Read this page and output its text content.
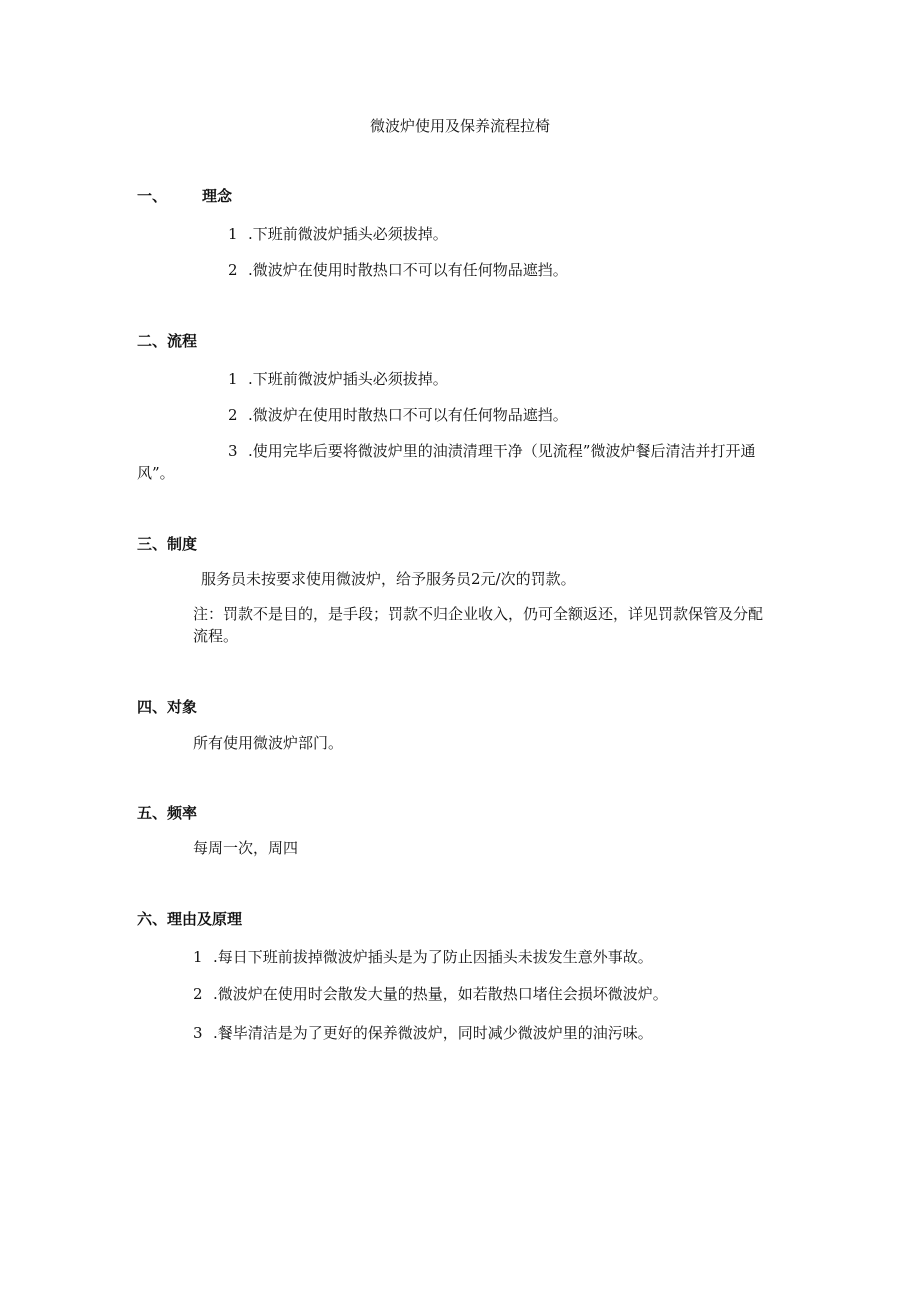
微波炉使用及保养流程拉椅
一、 理念
1 .下班前微波炉插头必须拔掉。
2 .微波炉在使用时散热口不可以有任何物品遮挡。
二、流程
1 .下班前微波炉插头必须拔掉。
2 .微波炉在使用时散热口不可以有任何物品遮挡。
3 .使用完毕后要将微波炉里的油渍清理干净（见流程”微波炉餐后清洁并打开通
风”。
三、制度
服务员未按要求使用微波炉，给予服务员2元/次的罚款。
注：罚款不是目的，是手段；罚款不归企业收入，仍可全额返还，详见罚款保管及分配
流程。
四、对象
所有使用微波炉部门。
五、频率
每周一次，周四
六、理由及原理
1 .每日下班前拔掉微波炉插头是为了防止因插头未拔发生意外事故。
2 .微波炉在使用时会散发大量的热量，如若散热口堵住会损坏微波炉。
3 .餐毕清洁是为了更好的保养微波炉，同时减少微波炉里的油污味。
